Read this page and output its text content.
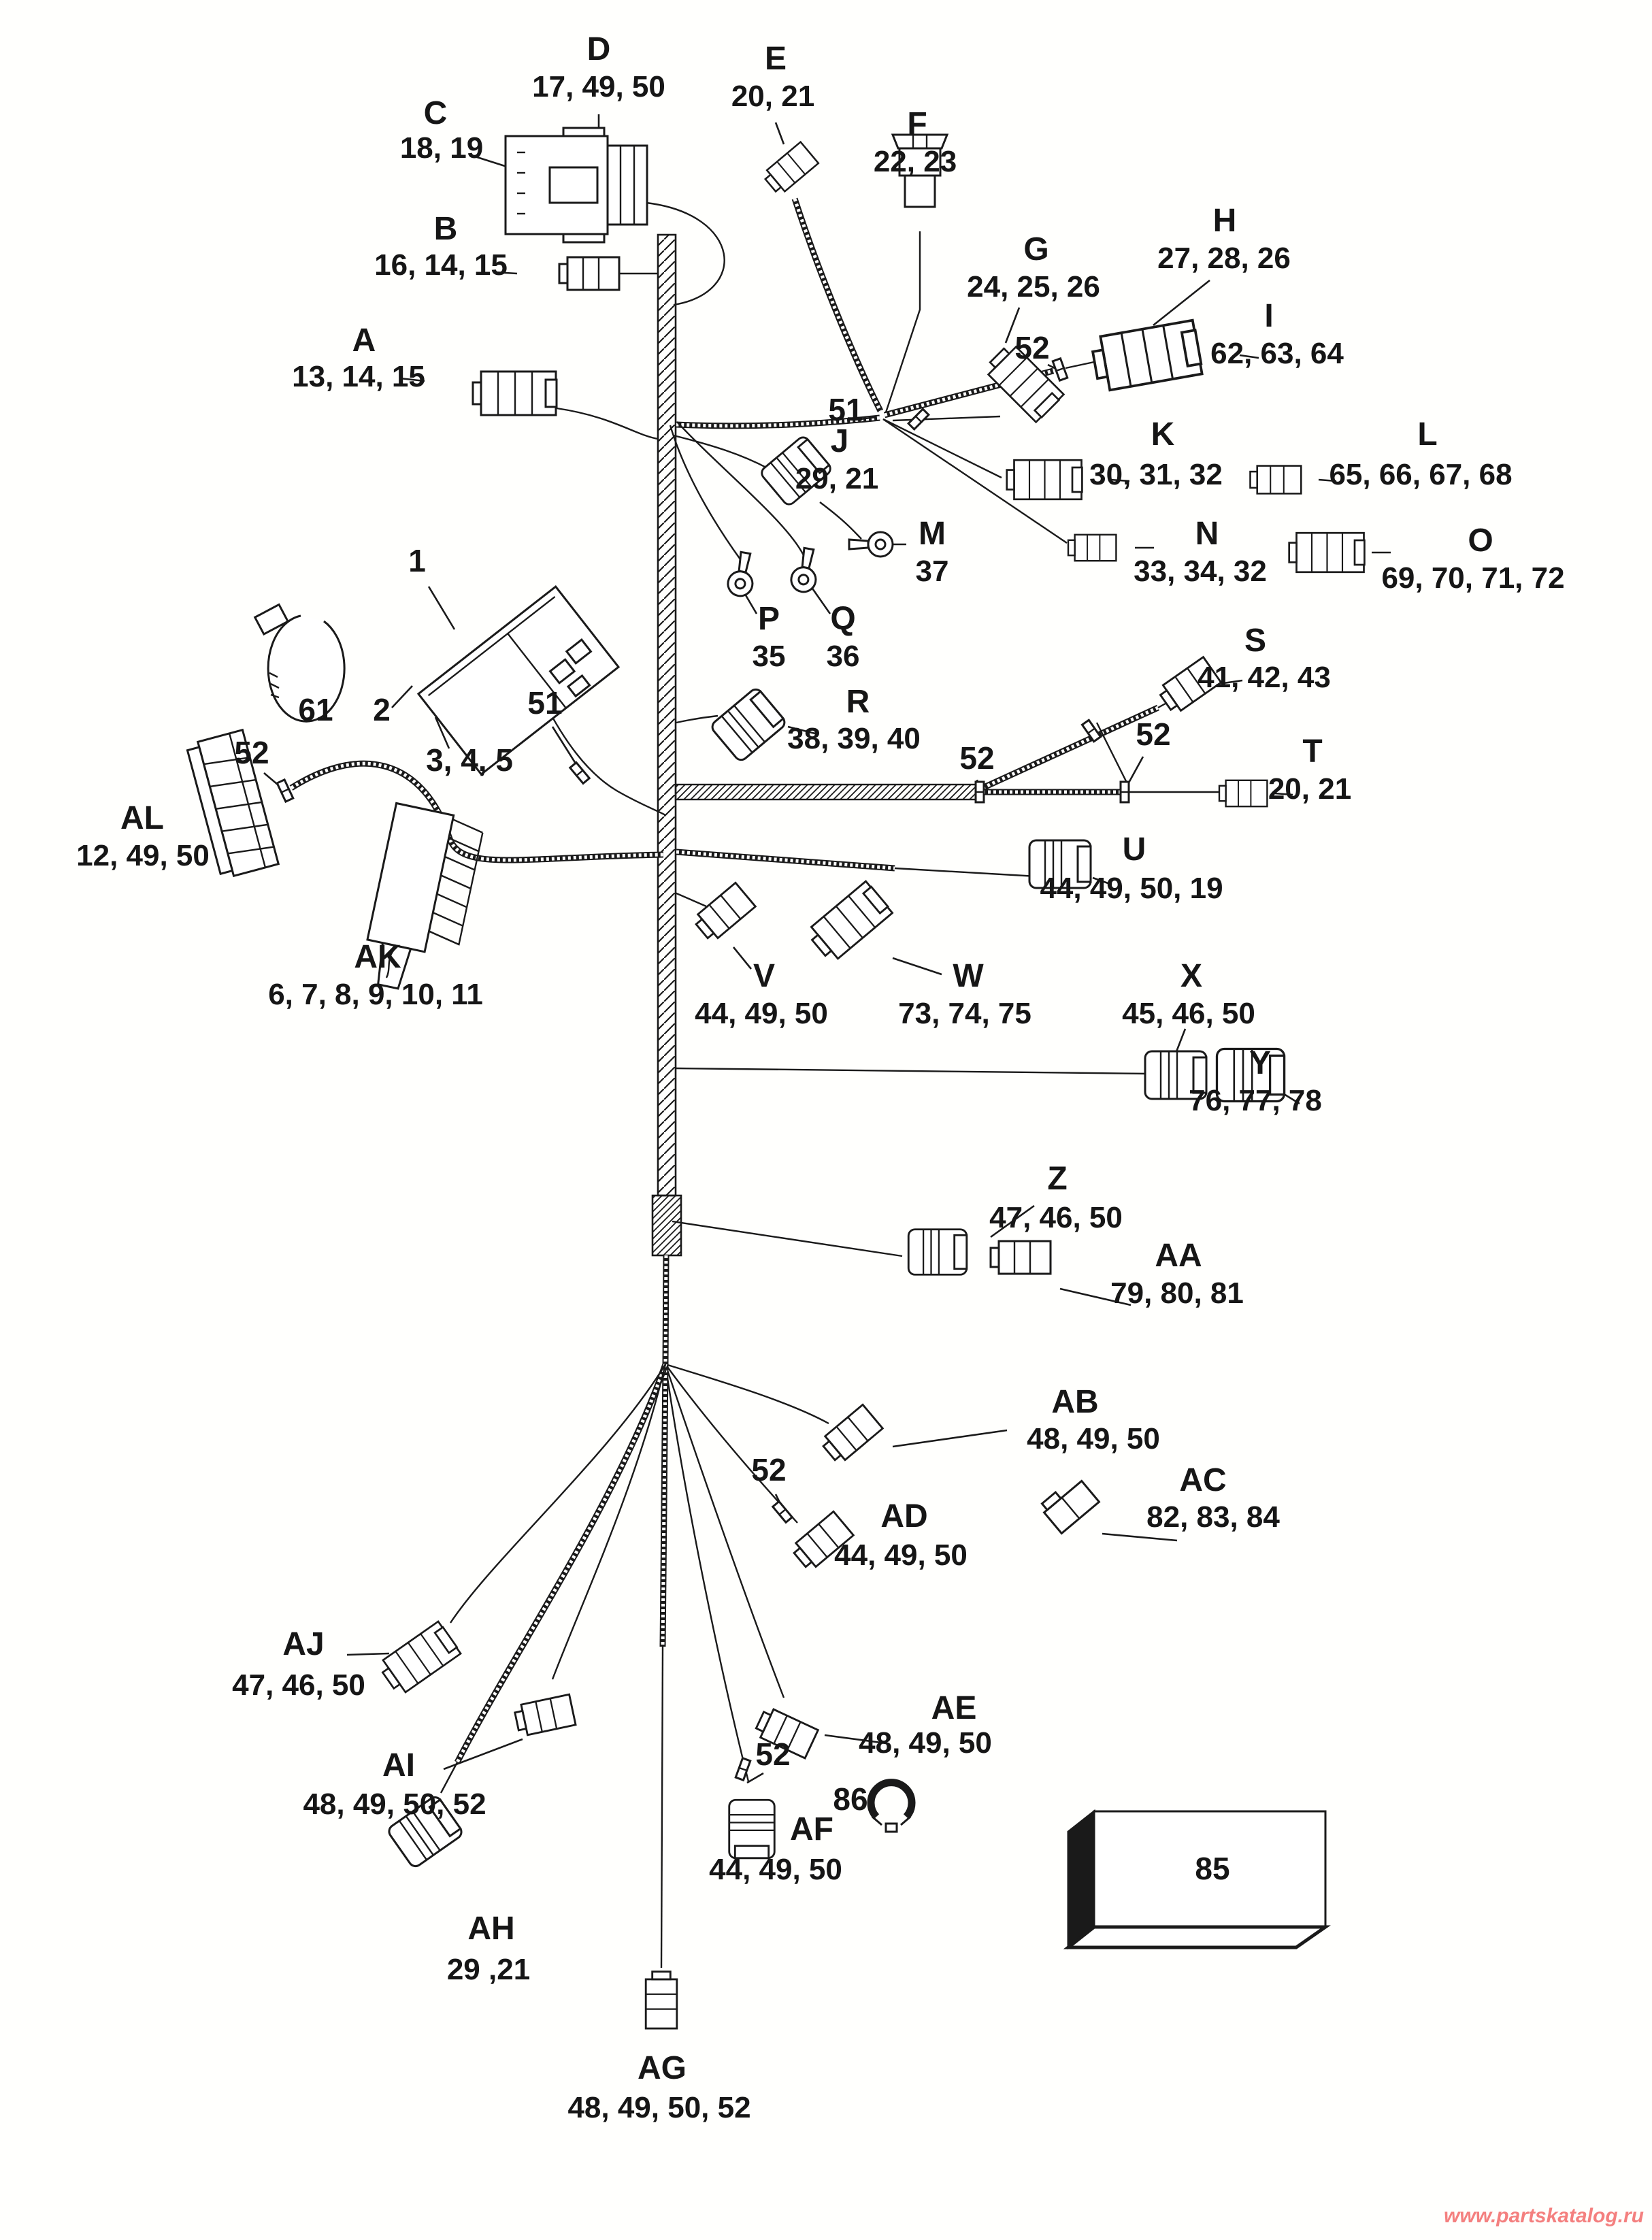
A
13, 14, 15
B
16, 14, 15
C
18, 19
D
17, 49, 50
E
20, 21
F
22, 23
G
24, 25, 26
H
27, 28, 26
I
62, 63, 64
J
29, 21
K
30, 31, 32
L
65, 66, 67, 68
M
37
N
33, 34, 32
O
69, 70, 71, 72
P
35
Q
36
R
38, 39, 40
S
41, 42, 43
T
20, 21
U
44, 49, 50, 19
V
44, 49, 50
W
73, 74, 75
X
45, 46, 50
Y
76, 77, 78
Z
47, 46, 50
AA
79, 80, 81
AB
48, 49, 50
AC
82, 83, 84
AD
44, 49, 50
AE
48, 49, 50
AF
44, 49, 50
AG
48, 49, 50, 52
AH
29 ,21
AI
48, 49, 50, 52
AJ
47, 46, 50
AK
6, 7, 8, 9, 10, 11
AL
12, 49, 50
1
2
61
3, 4, 5
51
51
52
52	52
52
52
52
85
86
www.partskatalog.ru
